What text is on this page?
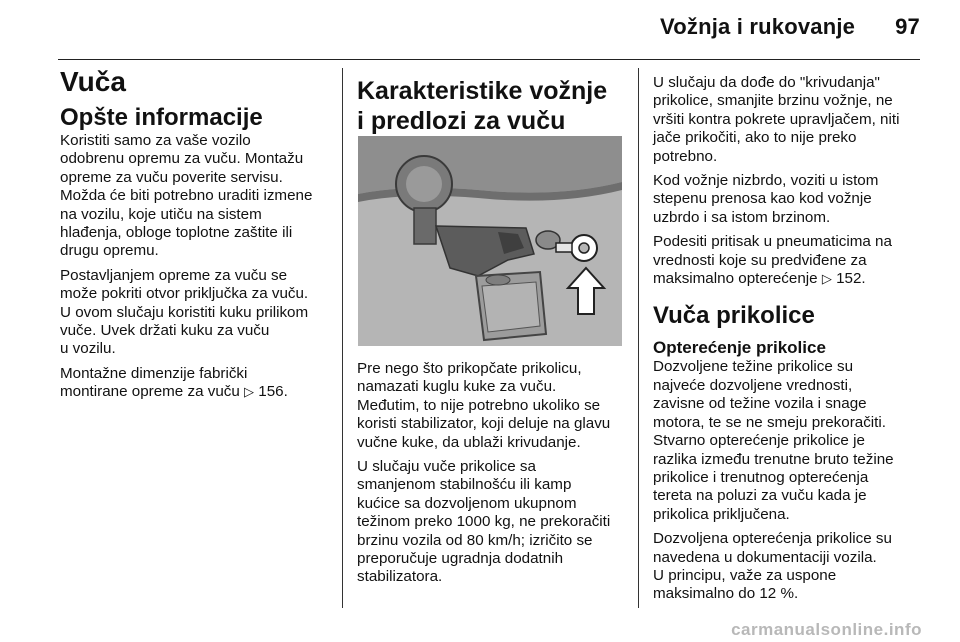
Vožnja i rukovanje 97
Vuča
Opšte informacije

Koristiti samo za vaše vozilo
odobrenu opremu za vuču. Montažu
opreme za vuču poverite servisu.
Možda će biti potrebno uraditi izmene
na vozilu, koje utiču na sistem
hlađenja, obloge toplotne zaštite ili
drugu opremu.

Postavljanjem opreme za vuču se
može pokriti otvor priključka za vuču.
U ovom slučaju koristiti kuku prilikom
vuče. Uvek držati kuku za vuču
u vozilu.

Montažne dimenzije fabrički
montirane opreme za vuču ▷ 156.

Karakteristike vožnje
i predlozi za vuču

Pre nego što prikopčate prikolicu,
namazati kuglu kuke za vuču.
Međutim, to nije potrebno ukoliko se
koristi stabilizator, koji deluje na glavu
vučne kuke, da ublaži krivudanje.

U slučaju vuče prikolice sa
smanjenom stabilnošću ili kamp
kućice sa dozvoljenom ukupnom
težinom preko 1000 kg, ne prekoračiti
brzinu vozila od 80 km/h; izričito se
preporučuje ugradnja dodatnih
stabilizatora.

U slučaju da dođe do "krivudanja"
prikolice, smanjite brzinu vožnje, ne
vršiti kontra pokrete upravljačem, niti
jače prikočiti, ako to nije preko
potrebno.

Kod vožnje nizbrdo, voziti u istom
stepenu prenosa kao kod vožnje
uzbrdo i sa istom brzinom.

Podesiti pritisak u pneumaticima na
vrednosti koje su predviđene za
maksimalno opterećenje ▷ 152.

Vuča prikolice
Opterećenje prikolice

Dozvoljene težine prikolice su
najveće dozvoljene vrednosti,
zavisne od težine vozila i snage
motora, te se ne smeju prekoračiti.
Stvarno opterećenje prikolice je
razlika između trenutne bruto težine
prikolice i trenutnog opterećenja
tereta na poluzi za vuču kada je
prikolica priključena.

Dozvoljena opterećenja prikolice su
navedena u dokumentaciji vozila.
U principu, važe za uspone
maksimalno do 12 %.

carmanualsonline.info
